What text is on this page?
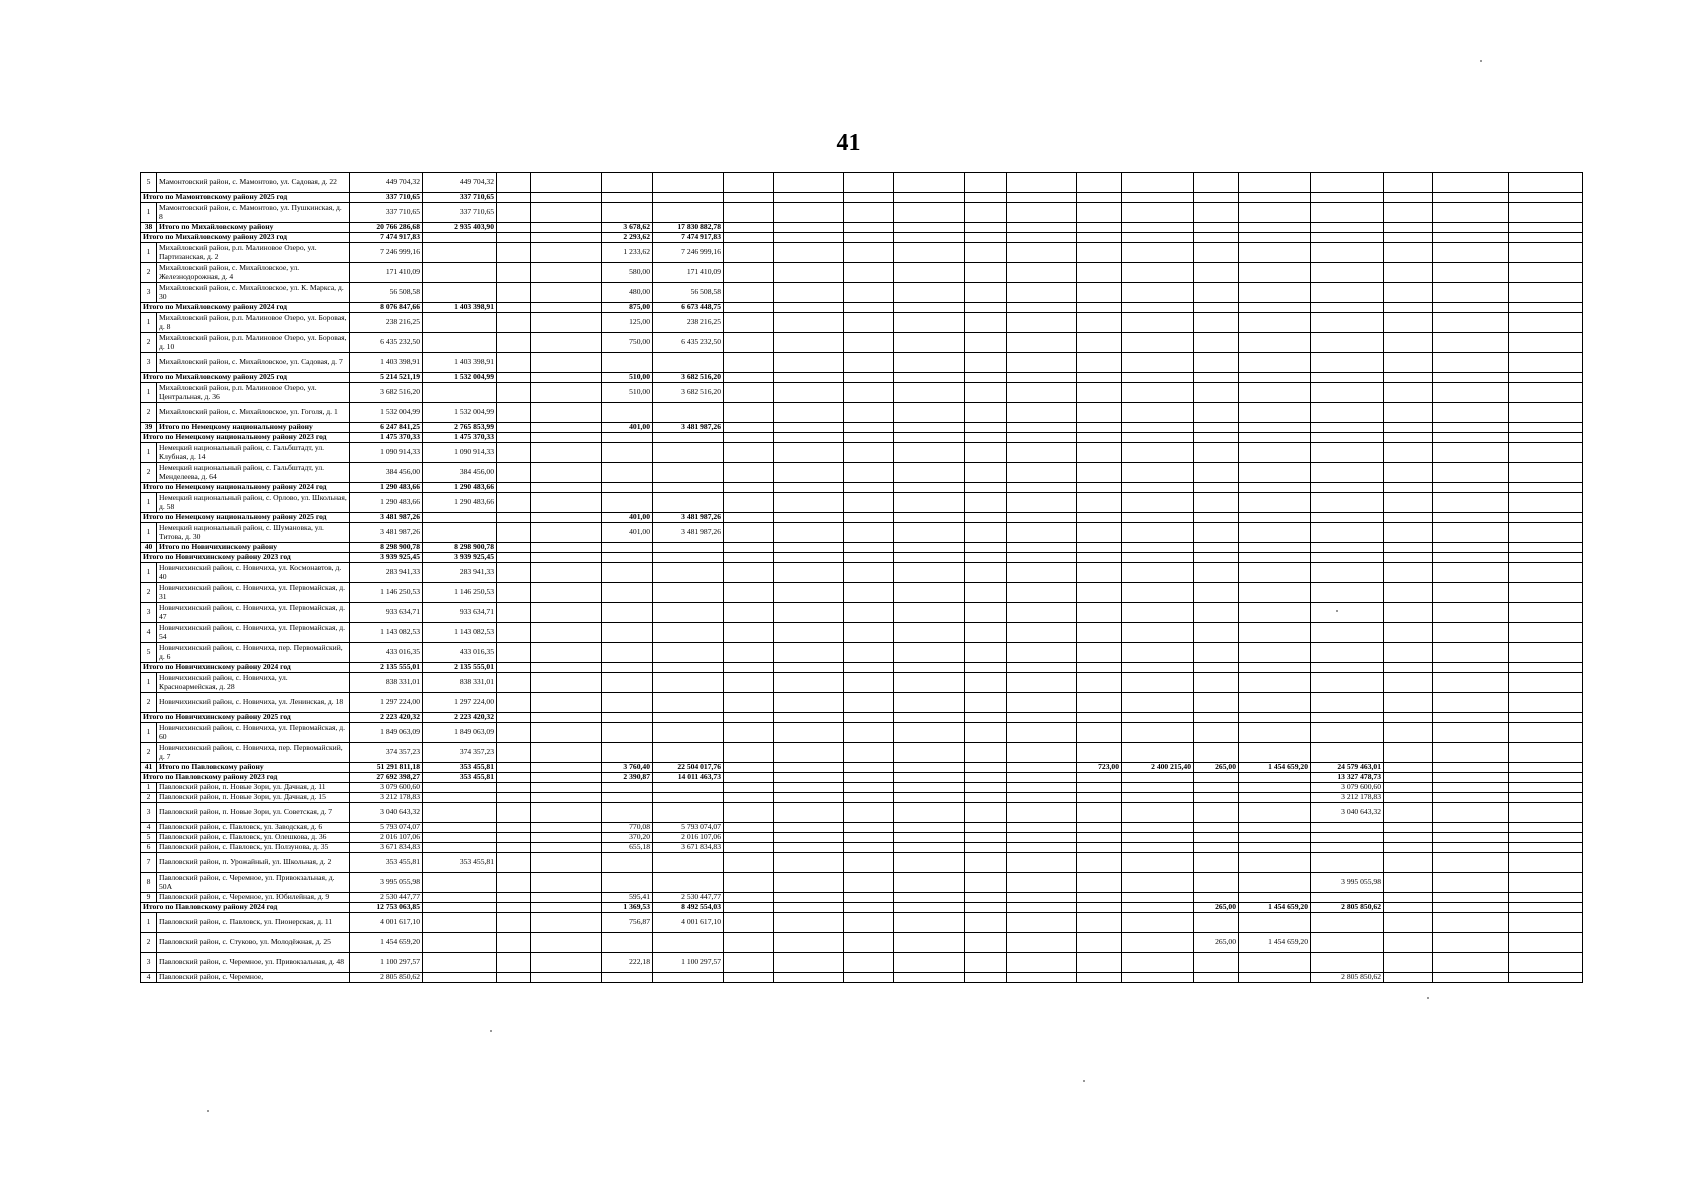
41
5	Мамонтовский район, с. Мамонтово, ул. Садовая, д. 22	449 704,32	449 704,32																		
Итого по Мамонтовскому району 2025 год		337 710,65	337 710,65																		
1	Мамонтовский район, с. Мамонтово, ул. Пушкинская, д. 8	337 710,65	337 710,65																		
38	Итого по Михайловскому району	20 766 286,68	2 935 403,90			3 678,62	17 830 882,78														
Итого по Михайловскому району 2023 год		7 474 917,83				2 293,62	7 474 917,83														
1	Михайловский район, р.п. Малиновое Озеро, ул. Партизанская, д. 2	7 246 999,16				1 233,62	7 246 999,16														
2	Михайловский район, с. Михайловское, ул. Железнодорожная, д. 4	171 410,09				580,00	171 410,09														
3	Михайловский район, с. Михайловское, ул. К. Маркса, д. 30	56 508,58				480,00	56 508,58														
Итого по Михайловскому району 2024 год		8 076 847,66	1 403 398,91			875,00	6 673 448,75														
1	Михайловский район, р.п. Малиновое Озеро, ул. Боровая, д. 8	238 216,25				125,00	238 216,25														
2	Михайловский район, р.п. Малиновое Озеро, ул. Боровая, д. 10	6 435 232,50				750,00	6 435 232,50														
3	Михайловский район, с. Михайловское, ул. Садовая, д. 7	1 403 398,91	1 403 398,91																		
Итого по Михайловскому району 2025 год		5 214 521,19	1 532 004,99			510,00	3 682 516,20														
1	Михайловский район, р.п. Малиновое Озеро, ул. Центральная, д. 36	3 682 516,20				510,00	3 682 516,20														
2	Михайловский район, с. Михайловское, ул. Гоголя, д. 1	1 532 004,99	1 532 004,99																		
39	Итого по Немецкому национальному району	6 247 841,25	2 765 853,99			401,00	3 481 987,26														
Итого по Немецкому национальному району 2023 год		1 475 370,33	1 475 370,33																		
1	Немецкий национальный район, с. Гальбштадт, ул. Клубная, д. 14	1 090 914,33	1 090 914,33																		
2	Немецкий национальный район, с. Гальбштадт, ул. Менделеева, д. 64	384 456,00	384 456,00																		
Итого по Немецкому национальному району 2024 год		1 290 483,66	1 290 483,66																		
1	Немецкий национальный район, с. Орлово, ул. Школьная, д. 58	1 290 483,66	1 290 483,66																		
Итого по Немецкому национальному району 2025 год		3 481 987,26				401,00	3 481 987,26														
1	Немецкий национальный район, с. Шумановка, ул. Титова, д. 30	3 481 987,26				401,00	3 481 987,26														
40	Итого по Новичихинскому району	8 298 900,78	8 298 900,78																		
Итого по Новичихинскому району 2023 год		3 939 925,45	3 939 925,45																		
1	Новичихинский район, с. Новичиха, ул. Космонавтов, д. 40	283 941,33	283 941,33																		
2	Новичихинский район, с. Новичиха, ул. Первомайская, д. 31	1 146 250,53	1 146 250,53																		
3	Новичихинский район, с. Новичиха, ул. Первомайская, д. 47	933 634,71	933 634,71																		
4	Новичихинский район, с. Новичиха, ул. Первомайская, д. 54	1 143 082,53	1 143 082,53																		
5	Новичихинский район, с. Новичиха, пер. Первомайский, д. 6	433 016,35	433 016,35																		
Итого по Новичихинскому району 2024 год		2 135 555,01	2 135 555,01																		
1	Новичихинский район, с. Новичиха, ул. Красноармейская, д. 28	838 331,01	838 331,01																		
2	Новичихинский район, с. Новичиха, ул. Ленинская, д. 18	1 297 224,00	1 297 224,00																		
Итого по Новичихинскому району 2025 год		2 223 420,32	2 223 420,32																		
1	Новичихинский район, с. Новичиха, ул. Первомайская, д. 60	1 849 063,09	1 849 063,09																		
2	Новичихинский район, с. Новичиха, пер. Первомайский, д. 7	374 357,23	374 357,23																		
41	Итого по Павловскому району	51 291 811,18	353 455,81			3 760,40	22 504 017,76							723,00	2 400 215,40	265,00	1 454 659,20	24 579 463,01			
Итого по Павловскому району 2023 год		27 692 398,27	353 455,81			2 390,87	14 011 463,73											13 327 478,73			
1	Павловский район, п. Новые Зори, ул. Дачная, д. 11	3 079 600,60																3 079 600,60			
2	Павловский район, п. Новые Зори, ул. Дачная, д. 15	3 212 178,83																3 212 178,83			
3	Павловский район, п. Новые Зори, ул. Советская, д. 7	3 040 643,32																3 040 643,32			
4	Павловский район, с. Павловск, ул. Заводская, д. 6	5 793 074,07				770,08	5 793 074,07														
5	Павловский район, с. Павловск, ул. Олешкова, д. 36	2 016 107,06				370,20	2 016 107,06														
6	Павловский район, с. Павловск, ул. Ползунова, д. 35	3 671 834,83				655,18	3 671 834,83														
7	Павловский район, п. Урожайный, ул. Школьная, д. 2	353 455,81	353 455,81																		
8	Павловский район, с. Черемное, ул. Привокзальная, д. 50А	3 995 055,98																3 995 055,98			
9	Павловский район, с. Черемное, ул. Юбилейная, д. 9	2 530 447,77				595,41	2 530 447,77														
Итого по Павловскому району 2024 год		12 753 063,85				1 369,53	8 492 554,03									265,00	1 454 659,20	2 805 850,62			
1	Павловский район, с. Павловск, ул. Пионерская, д. 11	4 001 617,10				756,87	4 001 617,10														
2	Павловский район, с. Стуково, ул. Молодёжная, д. 25	1 454 659,20														265,00	1 454 659,20				
3	Павловский район, с. Черемное, ул. Привокзальная, д. 48	1 100 297,57				222,18	1 100 297,57														
4	Павловский район, с. Черемное,	2 805 850,62																2 805 850,62			
